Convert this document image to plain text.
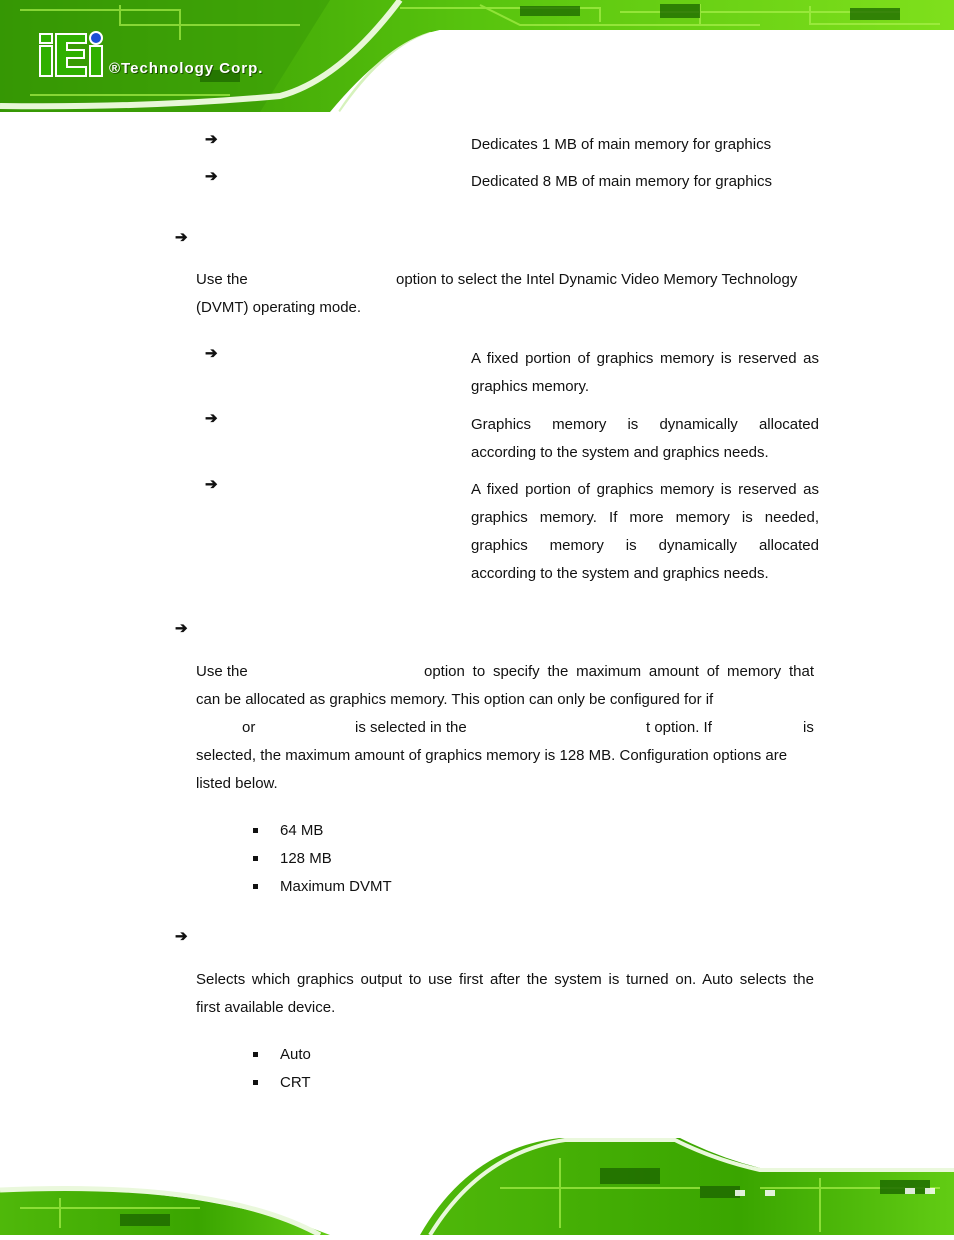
®Technology Corp.
➔	Dedicates 1 MB of main memory for graphics
➔	Dedicated 8 MB of main memory for graphics
➔
Use the	option to select the Intel Dynamic Video Memory Technology
(DVMT) operating mode.
➔	A fixed portion of graphics memory is reserved as
graphics memory.
➔	Graphics memory is dynamically allocated
according to the system and graphics needs.
➔	A fixed portion of graphics memory is reserved as
graphics memory. If more memory is needed,
graphics memory is dynamically allocated
according to the system and graphics needs.
➔
Use the	option to specify the maximum amount of memory that
can be allocated as graphics memory. This option can only be configured for if
or	is selected in the	t option. If	is
selected, the maximum amount of graphics memory is 128 MB. Configuration options are
listed below.
64 MB
128 MB
Maximum DVMT
➔
Selects which graphics output to use first after the system is turned on. Auto selects the
first available device.
Auto
CRT
